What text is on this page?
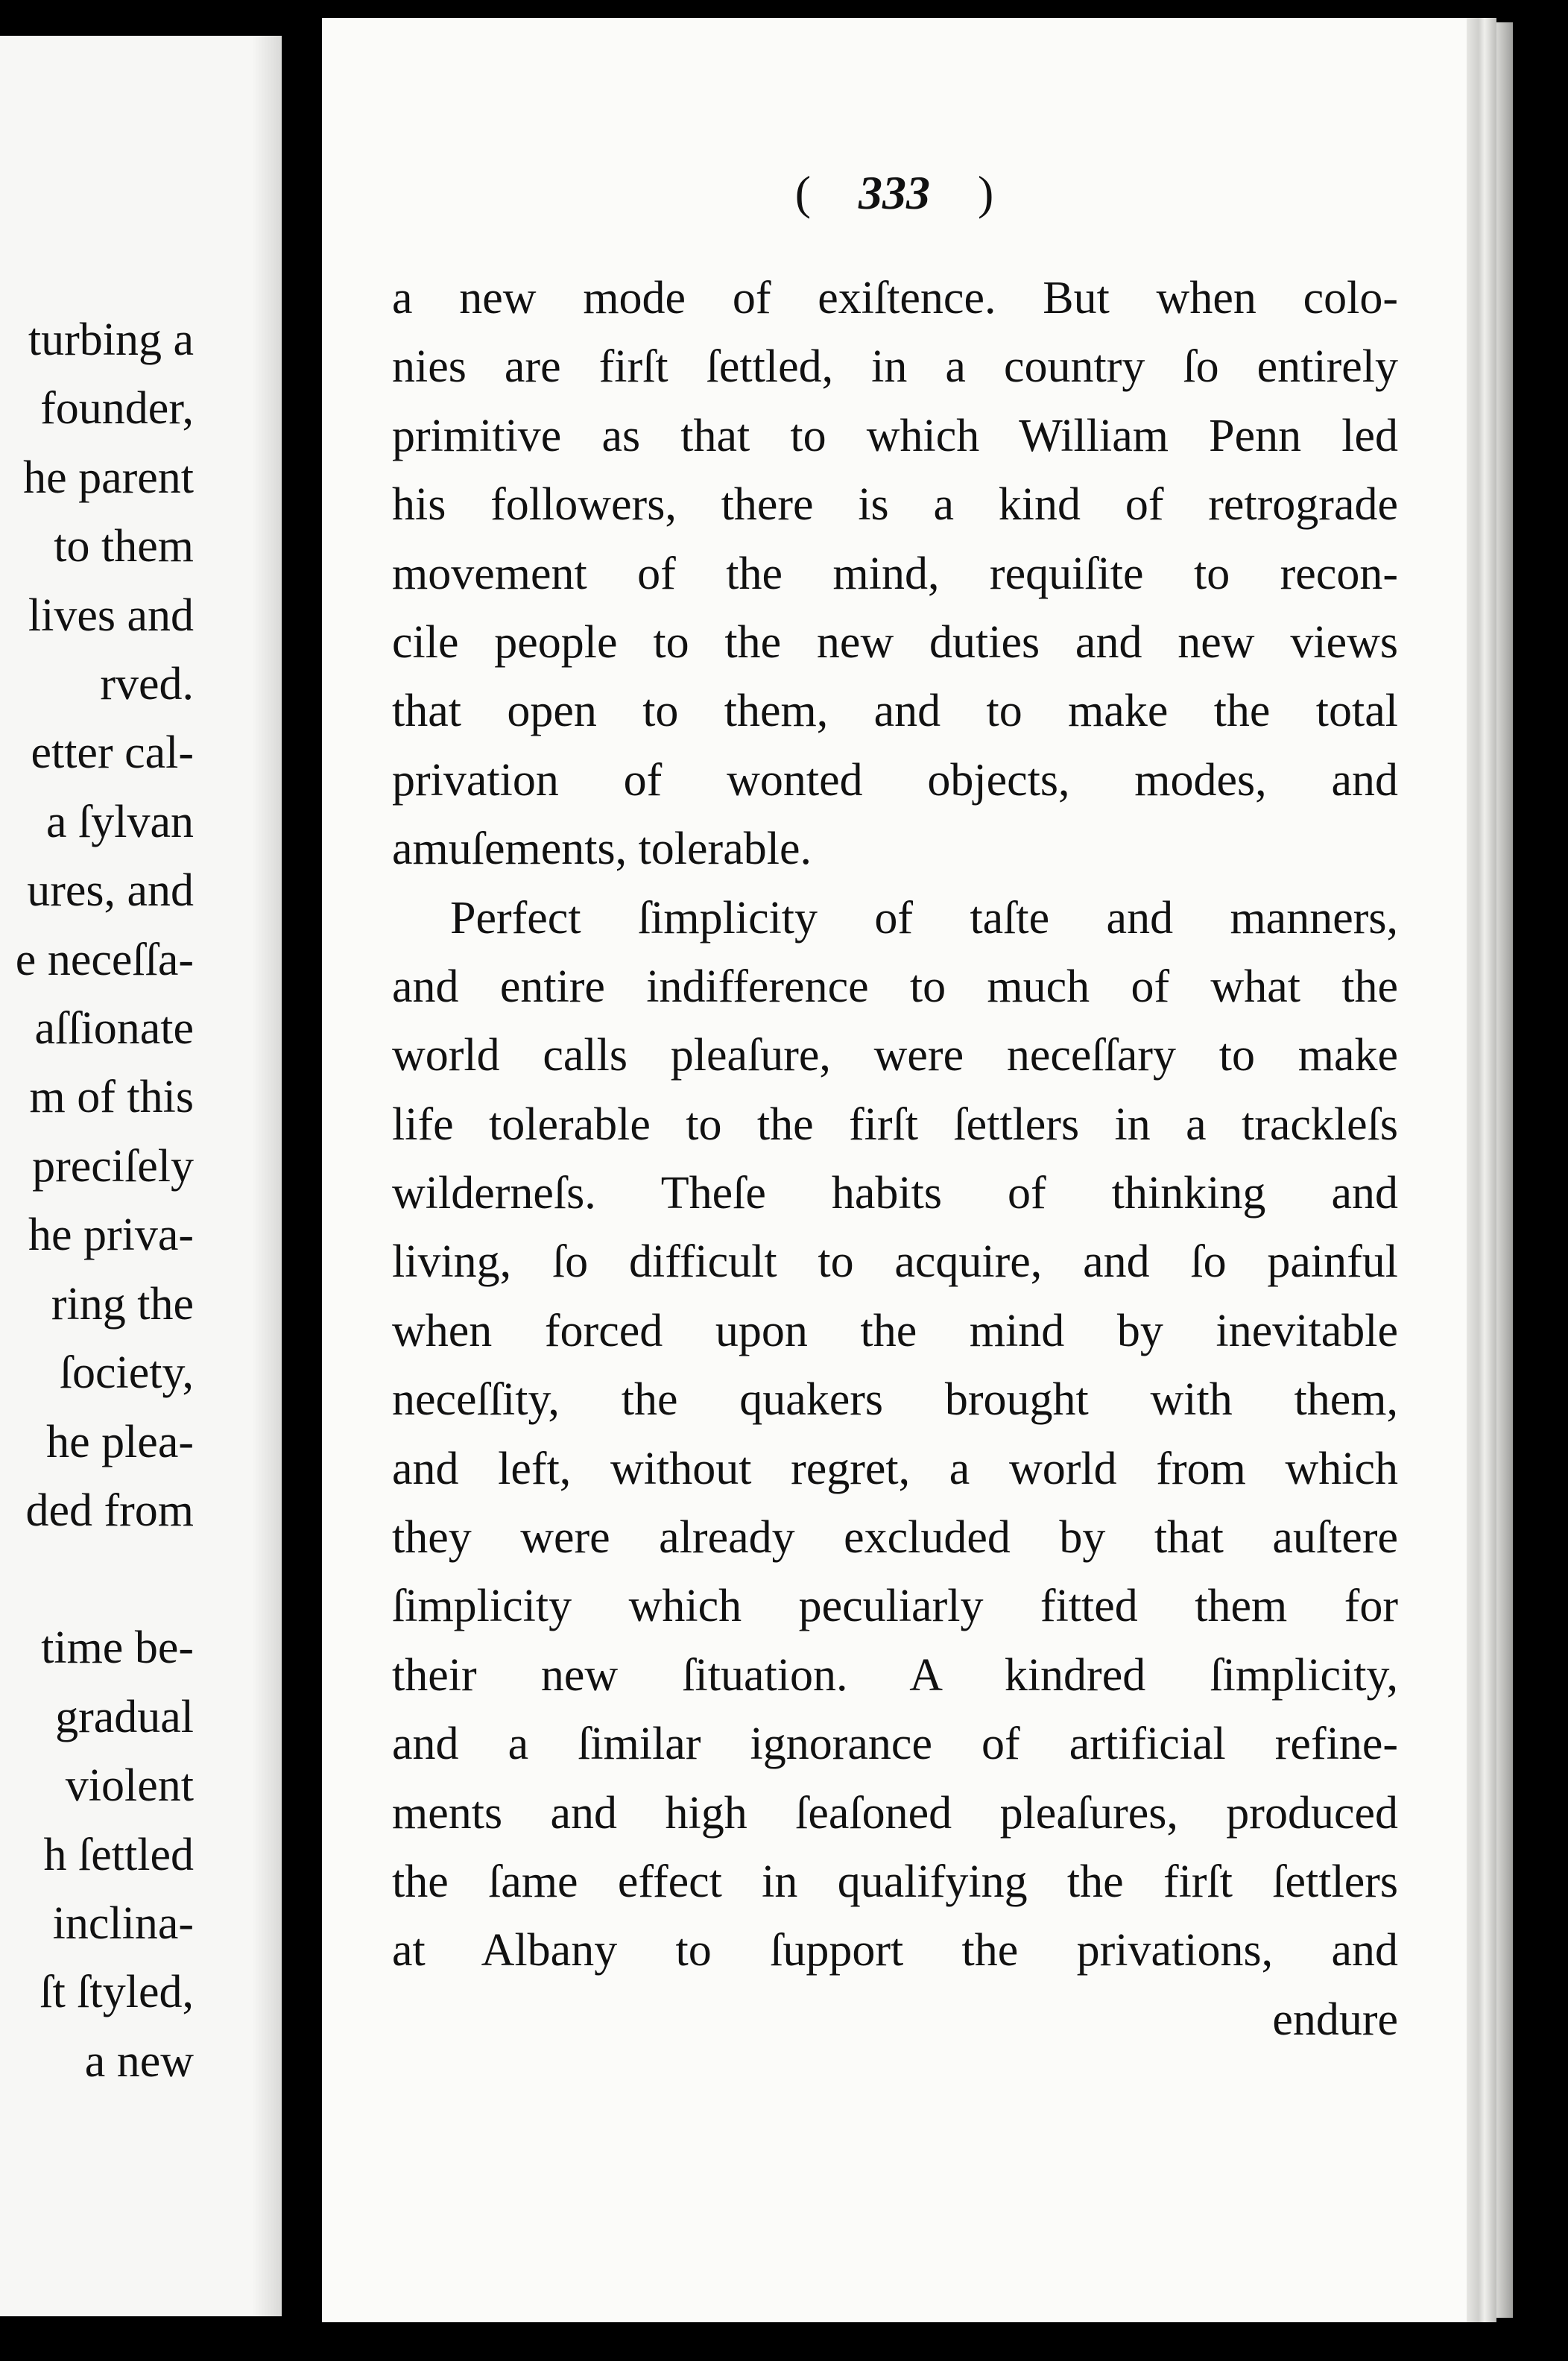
turbing a
founder,
he parent
to them
lives and
rved.
etter cal-
a ſylvan
ures, and
e neceſſa-
aſſionate
m of this
preciſely
he priva-
ring the
ſociety,
he plea-
ded from
time be-
gradual
violent
h ſettled
inclina-
ſt ſtyled,
a new
( 333 )
a new mode of exiſtence. But when colo-
nies are firſt ſettled, in a country ſo entirely
primitive as that to which William Penn led
his followers, there is a kind of retrograde
movement of the mind, requiſite to recon-
cile people to the new duties and new views
that open to them, and to make the total
privation of wonted objects, modes, and
amuſements, tolerable.
Perfect ſimplicity of taſte and manners,
and entire indifference to much of what the
world calls pleaſure, were neceſſary to make
life tolerable to the firſt ſettlers in a trackleſs
wilderneſs. Theſe habits of thinking and
living, ſo difficult to acquire, and ſo painful
when forced upon the mind by inevitable
neceſſity, the quakers brought with them,
and left, without regret, a world from which
they were already excluded by that auſtere
ſimplicity which peculiarly fitted them for
their new ſituation. A kindred ſimplicity,
and a ſimilar ignorance of artificial refine-
ments and high ſeaſoned pleaſures, produced
the ſame effect in qualifying the firſt ſettlers
at Albany to ſupport the privations, and
endure
